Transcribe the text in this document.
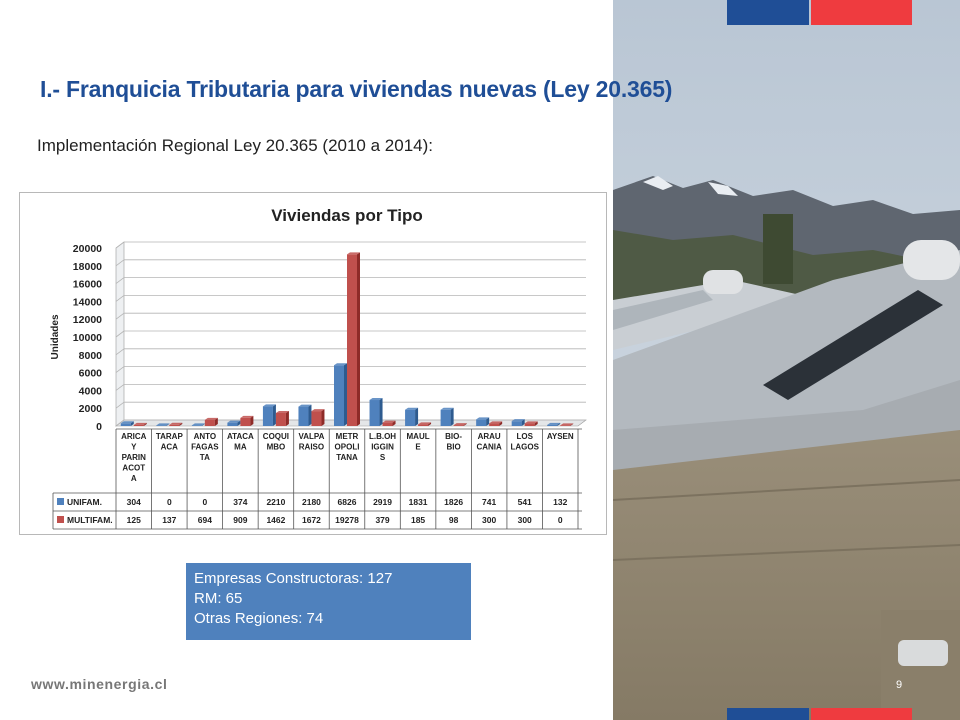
I.- Franquicia Tributaria para viviendas nuevas (Ley 20.365)
Implementación Regional Ley 20.365 (2010 a 2014):
Viviendas por Tipo
0
2000
4000
6000
8000
10000
12000
14000
16000
18000
20000
Unidades
ARICA
Y
PARIN
ACOT
A
TARAP
ACA
ANTO
FAGAS
TA
ATACA
MA
COQUI
MBO
VALPA
RAISO
METR
OPOLI
TANA
L.B.OH
IGGIN
S
MAUL
E
BIO-
BIO
ARAU
CANIA
LOS
LAGOS
AYSEN
UNIFAM.	304	0	0	374 2210 2180 6826 2919 1831 1826 741	541	132
MULTIFAM. 125	137	694	909 1462 1672 19278 379	185	98	300	300	0
Empresas Constructoras: 127
RM: 65
Otras Regiones: 74
www.minenergia.cl	9
